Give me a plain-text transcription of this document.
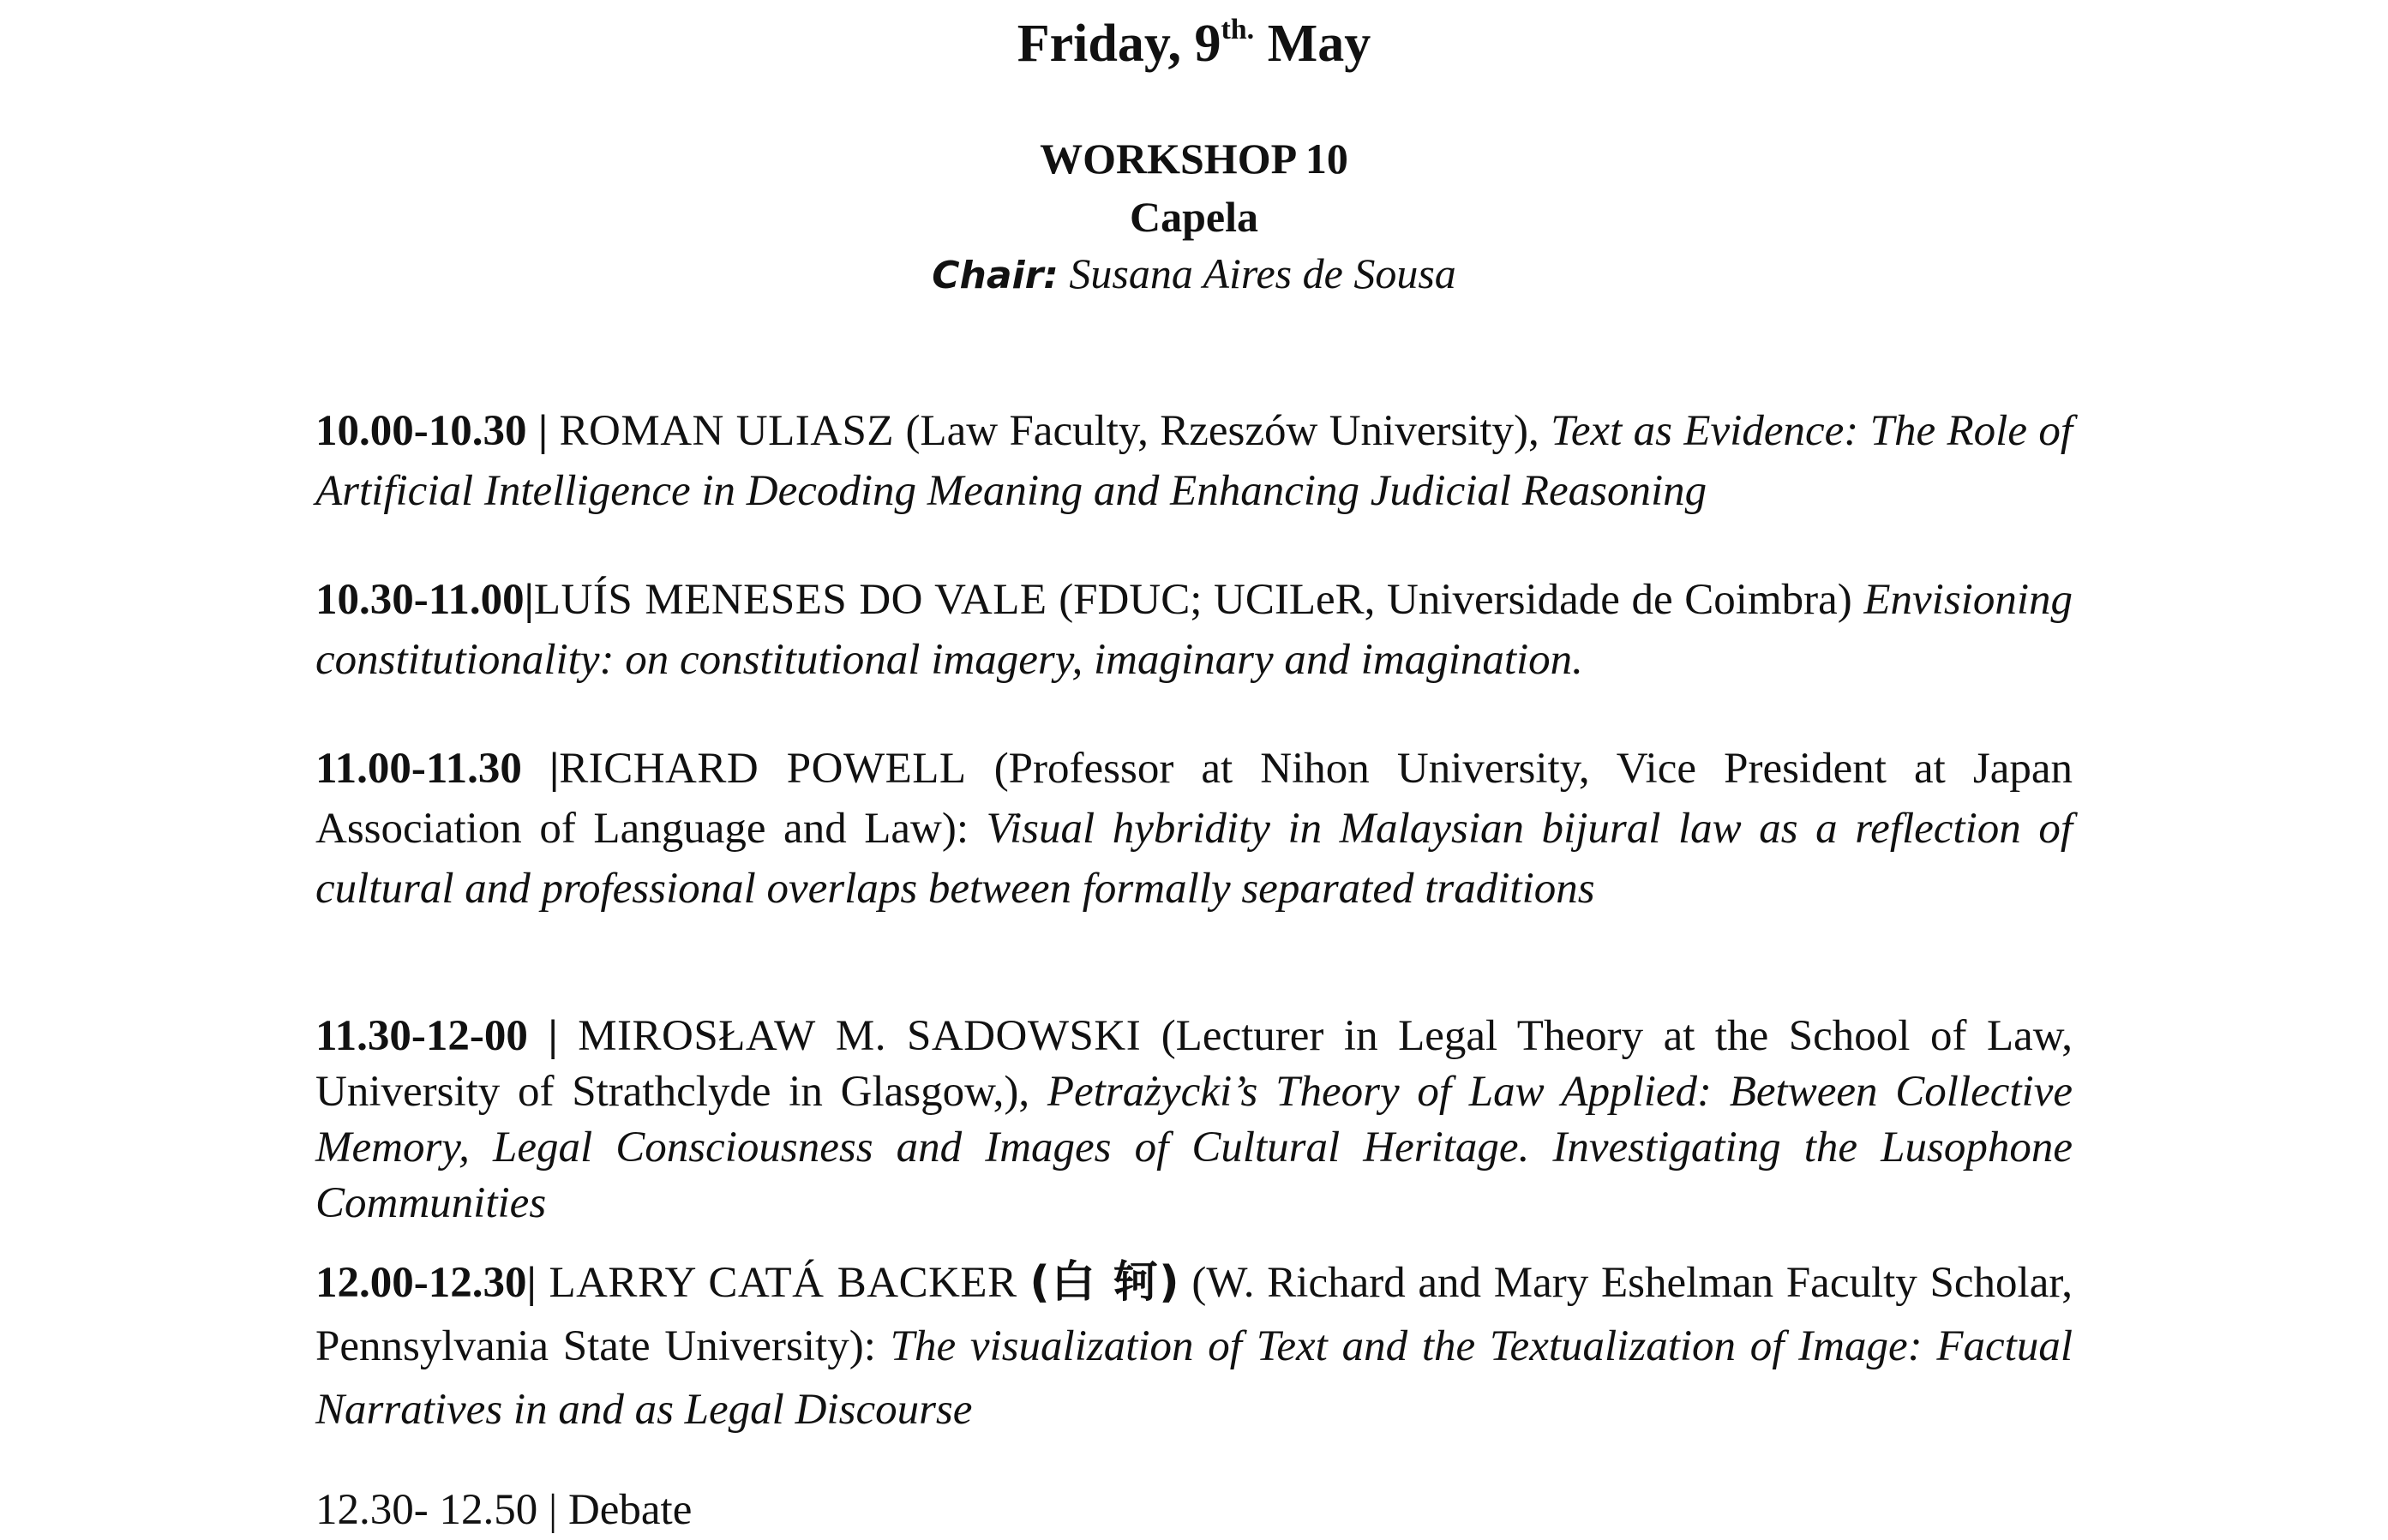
Friday, $9^{th.}$ May
WORKSHOP 10
Capela
Chair: Susana Aires de Sousa
10.00-10.30 | ROMAN ULIASZ (Law Faculty, Rzeszów University), Text as Evidence: The Role of Artificial Intelligence in Decoding Meaning and Enhancing Judicial Reasoning
10.30-11.00|LUÍS MENESES DO VALE (FDUC; UCILeR, Universidade de Coimbra) Envisioning constitutionality: on constitutional imagery, imaginary and imagination.
11.00-11.30 |RICHARD POWELL (Professor at Nihon University, Vice President at Japan Association of Language and Law): Visual hybridity in Malaysian bijural law as a reflection of cultural and professional overlaps between formally separated traditions
11.30-12-00 | MIROSŁAW M. SADOWSKI (Lecturer in Legal Theory at the School of Law, University of Strathclyde in Glasgow,), Petrażycki’s Theory of Law Applied: Between Collective Memory, Legal Consciousness and Images of Cultural Heritage. Investigating the Lusophone Communities
12.00-12.30| LARRY CATÁ BACKER (白 轲) (W. Richard and Mary Eshelman Faculty Scholar, Pennsylvania State University): The visualization of Text and the Textualization of Image: Factual Narratives in and as Legal Discourse
12.30- 12.50 | Debate
